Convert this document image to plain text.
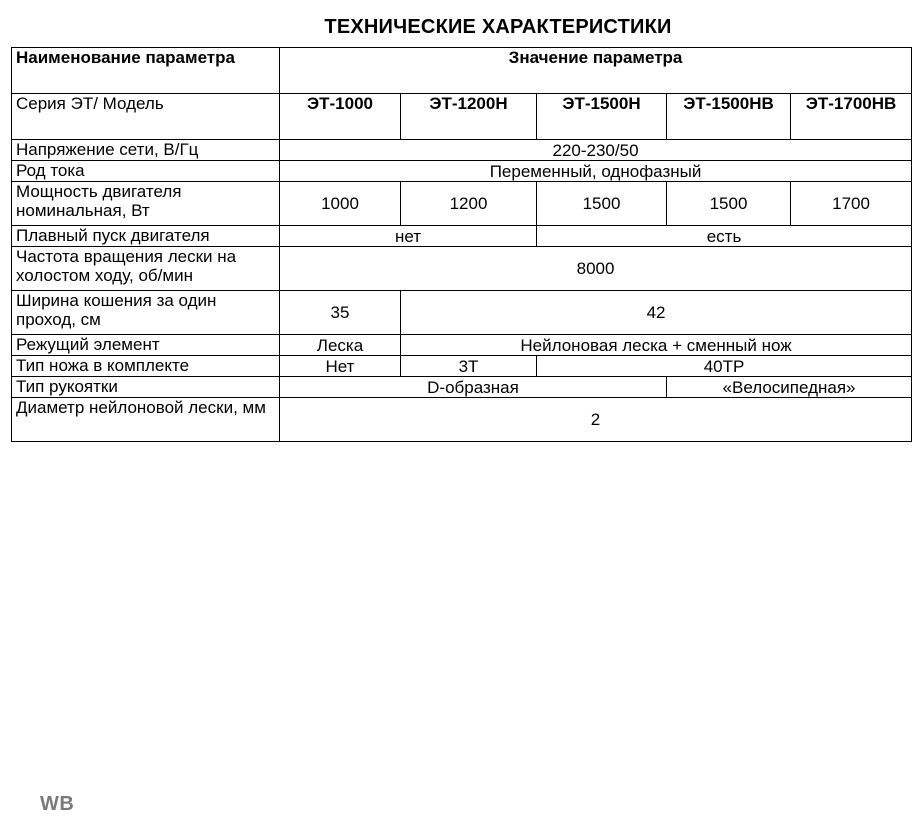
ТЕХНИЧЕСКИЕ ХАРАКТЕРИСТИКИ
Наименование параметра	Значение параметра				
Серия ЭТ/ Модель	ЭТ-1000	ЭТ-1200Н	ЭТ-1500Н	ЭТ-1500НВ	ЭТ-1700НВ
Напряжение сети, В/Гц	220-230/50				
Род тока	Переменный, однофазный				
Мощность двигателя номинальная, Вт	1000	1200	1500	1500	1700
Плавный пуск двигателя	нет		есть		
Частота вращения лески на холостом ходу, об/мин	8000				
Ширина кошения за один проход, см	35	42			
Режущий элемент	Леска	Нейлоновая леска + сменный нож			
Тип ножа в комплекте	Нет	3Т	40ТР		
Тип рукоятки	D-образная			«Велосипедная»	
Диаметр нейлоновой лески, мм	2				
WB
